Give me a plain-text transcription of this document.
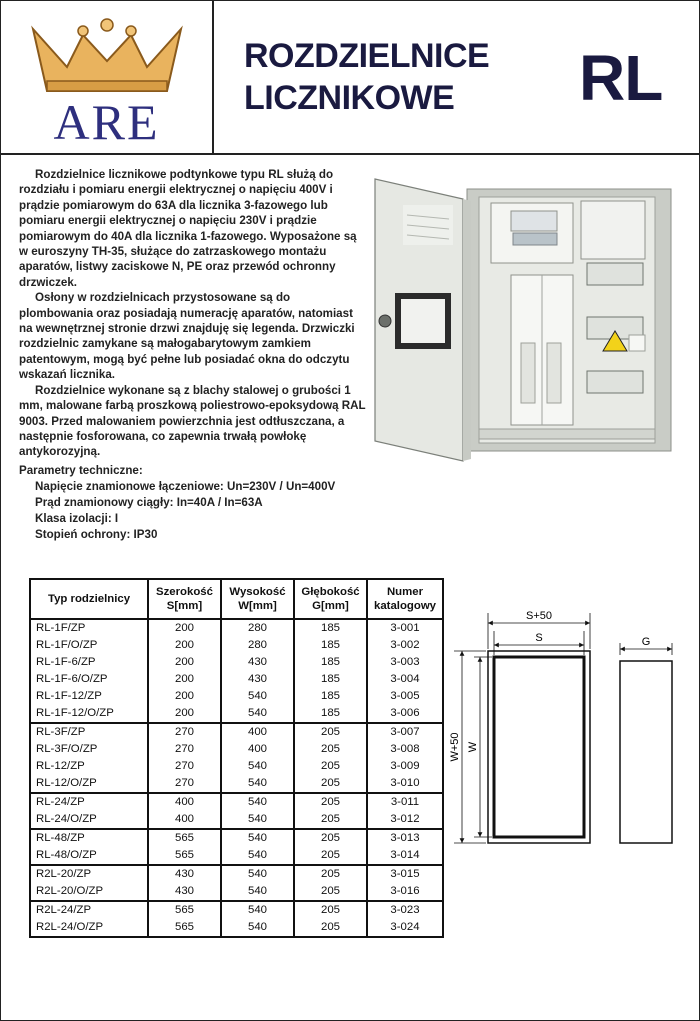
ARE
ROZDZIELNICE
LICZNIKOWE	RL

Rozdzielnice licznikowe podtynkowe typu RL służą do rozdziału i pomiaru energii elektrycznej o napięciu 400V i prądzie pomiarowym do 63A dla licznika 3-fazowego lub pomiaru energii elektrycznej o napięciu 230V i prądzie pomiarowym do 40A dla licznika 1-fazowego. Wyposażone są w euroszyny TH-35, służące do zatrzaskowego montażu aparatów, listwy zaciskowe N, PE oraz przewód ochronny drzwiczek.

Osłony w rozdzielnicach przystosowane są do plombowania oraz posiadają numerację aparatów, natomiast na wewnętrznej stronie drzwi znajduję się legenda. Drzwiczki rozdzielnic zamykane są małogabarytowym zamkiem patentowym, mogą być pełne lub posiadać okna do odczytu wskazań licznika.

Rozdzielnice wykonane są z blachy stalowej o grubości 1 mm, malowane farbą proszkową poliestrowo-epoksydową RAL 9003. Przed malowaniem powierzchnia jest odtłuszczana, a następnie fosforowana, co zapewnia trwałą powłokę antykorozyjną.

Parametry techniczne:
Napięcie znamionowe łączeniowe: Un=230V / Un=400V
Prąd znamionowy ciągły: In=40A / In=63A
Klasa izolacji: I
Stopień ochrony: IP30
Typ rodzielnicy	Szerokość S[mm]	Wysokość W[mm]	Głębokość G[mm]	Numer katalogowy
RL-1F/ZP	200	280	185	3-001
RL-1F/O/ZP	200	280	185	3-002
RL-1F-6/ZP	200	430	185	3-003
RL-1F-6/O/ZP	200	430	185	3-004
RL-1F-12/ZP	200	540	185	3-005
RL-1F-12/O/ZP	200	540	185	3-006
RL-3F/ZP	270	400	205	3-007
RL-3F/O/ZP	270	400	205	3-008
RL-12/ZP	270	540	205	3-009
RL-12/O/ZP	270	540	205	3-010
RL-24/ZP	400	540	205	3-011
RL-24/O/ZP	400	540	205	3-012
RL-48/ZP	565	540	205	3-013
RL-48/O/ZP	565	540	205	3-014
R2L-20/ZP	430	540	205	3-015
R2L-20/O/ZP	430	540	205	3-016
R2L-24/ZP	565	540	205	3-023
R2L-24/O/ZP	565	540	205	3-024
S+50
S
W+50 W
G
